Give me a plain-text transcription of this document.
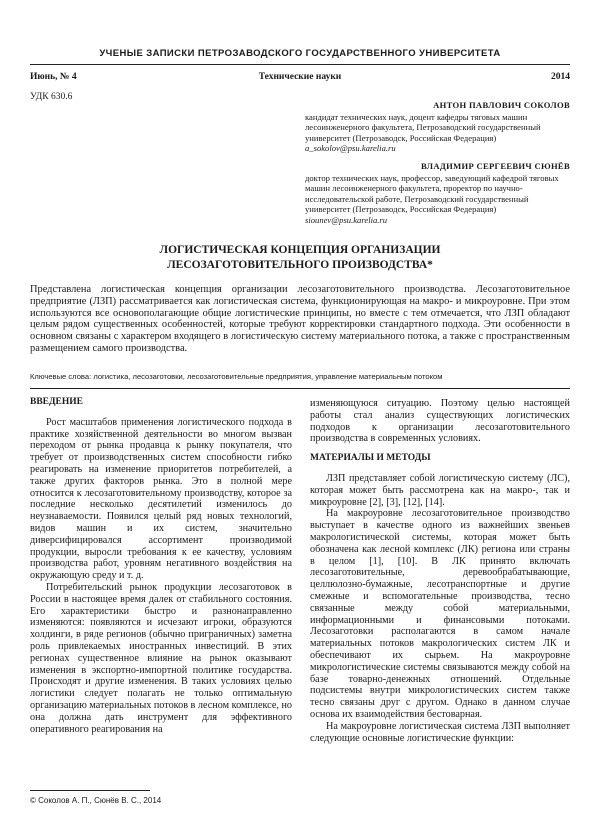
УЧЕНЫЕ ЗАПИСКИ ПЕТРОЗАВОДСКОГО ГОСУДАРСТВЕННОГО УНИВЕРСИТЕТА
Июнь, № 4	Технические науки	2014
УДК 630.6
АНТОН ПАВЛОВИЧ СОКОЛОВ
кандидат технических наук, доцент кафедры тяговых машин лесоинженерного факультета, Петрозаводский государственный университет (Петрозаводск, Российская Федерация)
a_sokolov@psu.karelia.ru
ВЛАДИМИР СЕРГЕЕВИЧ СЮНЁВ
доктор технических наук, профессор, заведующий кафедрой тяговых машин лесоинженерного факультета, проректор по научно-исследовательской работе, Петрозаводский государственный университет (Петрозаводск, Российская Федерация)
siounev@psu.karelia.ru
ЛОГИСТИЧЕСКАЯ КОНЦЕПЦИЯ ОРГАНИЗАЦИИ
ЛЕСОЗАГОТОВИТЕЛЬНОГО ПРОИЗВОДСТВА*
Представлена логистическая концепция организации лесозаготовительного производства. Лесозаготовительное предприятие (ЛЗП) рассматривается как логистическая система, функционирующая на макро- и микроуровне. При этом используются все основополагающие общие логистические принципы, но вместе с тем отмечается, что ЛЗП обладают целым рядом существенных особенностей, которые требуют корректировки стандартного подхода. Эти особенности в основном связаны с характером входящего в логистическую систему материального потока, а также с пространственным размещением самого производства.
Ключевые слова: логистика, лесозаготовки, лесозаготовительные предприятия, управление материальным потоком
ВВЕДЕНИЕ

Рост масштабов применения логистического подхода в практике хозяйственной деятельности во многом вызван переходом от рынка продавца к рынку покупателя, что требует от производственных систем способности гибко реагировать на изменение приоритетов потребителей, а также других факторов рынка. Это в полной мере относится к лесозаготовительному производству, которое за последние несколько десятилетий изменилось до неузнаваемости. Появился целый ряд новых технологий, видов машин и их систем, значительно диверсифицировался ассортимент производимой продукции, выросли требования к ее качеству, условиям производства работ, уровням негативного воздействия на окружающую среду и т. д.

Потребительский рынок продукции лесозаготовок в России в настоящее время далек от стабильного состояния. Его характеристики быстро и разнонаправленно изменяются: появляются и исчезают игроки, образуются холдинги, в ряде регионов (обычно приграничных) заметна роль привлекаемых иностранных инвестиций. В этих регионах существенное влияние на рынок оказывают изменения в экспортно-импортной политике государства. Происходят и другие изменения. В таких условиях целью логистики следует полагать не только оптимальную организацию материальных потоков в лесном комплексе, но она должна дать инструмент для эффективного оперативного реагирования на

изменяющуюся ситуацию. Поэтому целью настоящей работы стал анализ существующих логистических подходов к организации лесозаготовительного производства в современных условиях.

МАТЕРИАЛЫ И МЕТОДЫ

ЛЗП представляет собой логистическую систему (ЛС), которая может быть рассмотрена как на макро-, так и микроуровне [2], [3], [12], [14].

На макроуровне лесозаготовительное производство выступает в качестве одного из важнейших звеньев макрологистической системы, которая может быть обозначена как лесной комплекс (ЛК) региона или страны в целом [1], [10]. В ЛК принято включать лесозаготовительные, деревообрабатывающие, целлюлозно-бумажные, лесотранспортные и другие смежные и вспомогательные производства, тесно связанные между собой материальными, информационными и финансовыми потоками. Лесозаготовки располагаются в самом начале материальных потоков макрологических систем ЛК и обеспечивают их сырьем. На макроуровне микрологистические системы связываются между собой на базе товарно-денежных отношений. Отдельные подсистемы внутри микрологистических систем также тесно связаны друг с другом. Однако в данном случае основа их взаимодействия бестоварная.

На макроуровне логистическая система ЛЗП выполняет следующие основные логистические функции:

© Соколов А. П., Сюнёв В. С., 2014
